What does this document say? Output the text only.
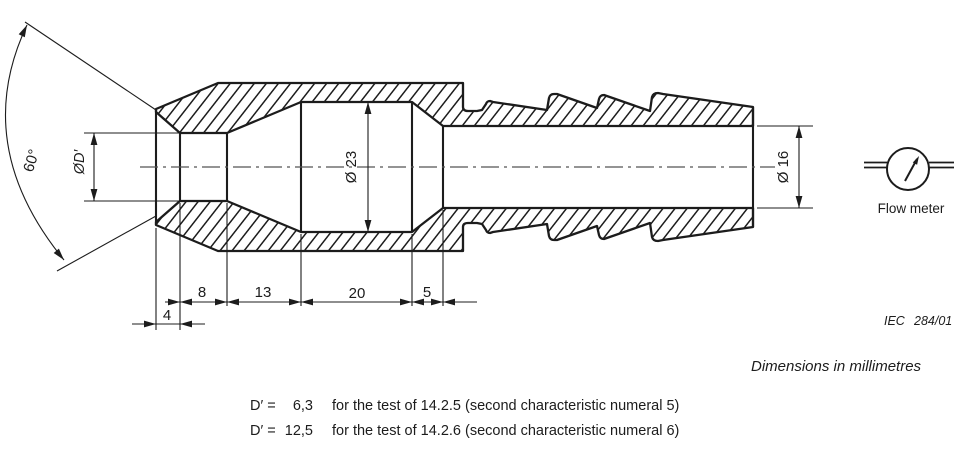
60° ØD′	Ø 23	Ø 16
8	13	20	5
4
Flow meter
IEC 284/01
Dimensions in millimetres
D′ = 6,3 for the test of 14.2.5 (second characteristic numeral 5)
D′ = 12,5 for the test of 14.2.6 (second characteristic numeral 6)
